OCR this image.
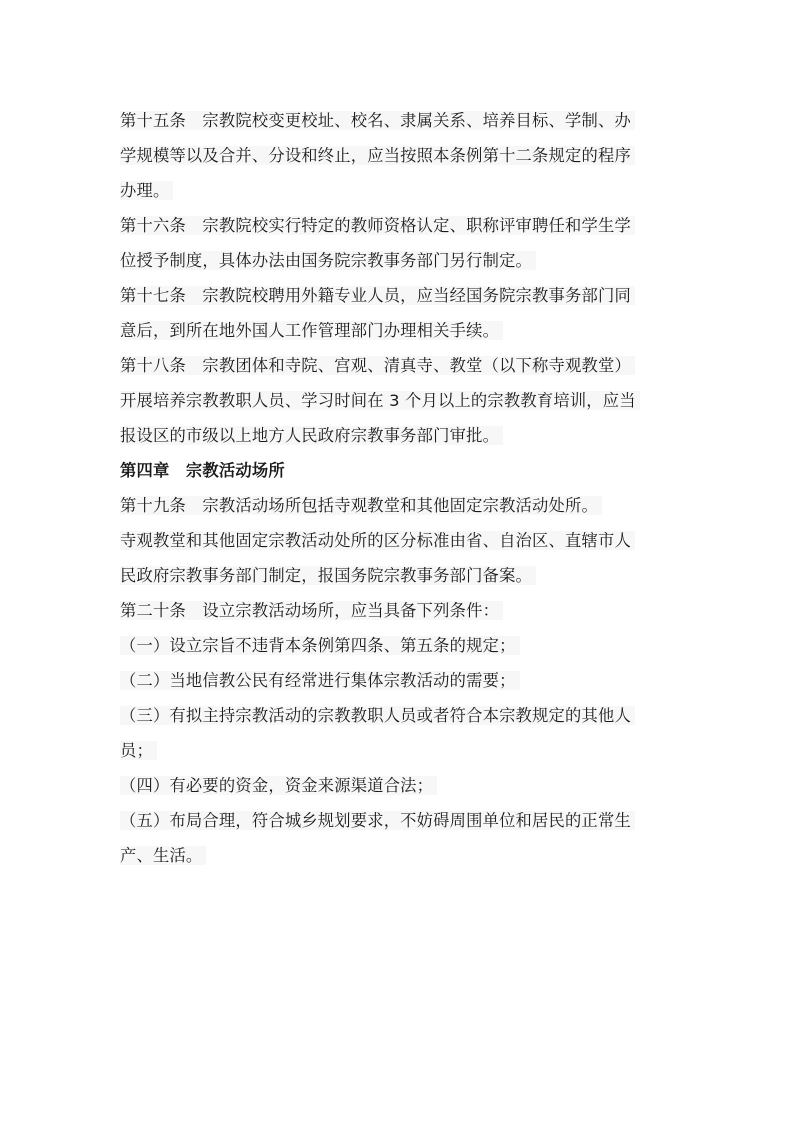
第十五条　宗教院校变更校址、校名、隶属关系、培养目标、学制、办
学规模等以及合并、分设和终止，应当按照本条例第十二条规定的程序
办理。
第十六条　宗教院校实行特定的教师资格认定、职称评审聘任和学生学
位授予制度，具体办法由国务院宗教事务部门另行制定。
第十七条　宗教院校聘用外籍专业人员，应当经国务院宗教事务部门同
意后，到所在地外国人工作管理部门办理相关手续。
第十八条　宗教团体和寺院、宫观、清真寺、教堂（以下称寺观教堂）
开展培养宗教教职人员、学习时间在 3 个月以上的宗教教育培训，应当
报设区的市级以上地方人民政府宗教事务部门审批。
第四章　宗教活动场所
第十九条　宗教活动场所包括寺观教堂和其他固定宗教活动处所。
寺观教堂和其他固定宗教活动处所的区分标准由省、自治区、直辖市人
民政府宗教事务部门制定，报国务院宗教事务部门备案。
第二十条　设立宗教活动场所，应当具备下列条件：
（一）设立宗旨不违背本条例第四条、第五条的规定；
（二）当地信教公民有经常进行集体宗教活动的需要；
（三）有拟主持宗教活动的宗教教职人员或者符合本宗教规定的其他人
员；
（四）有必要的资金，资金来源渠道合法；
（五）布局合理，符合城乡规划要求，不妨碍周围单位和居民的正常生
产、生活。
